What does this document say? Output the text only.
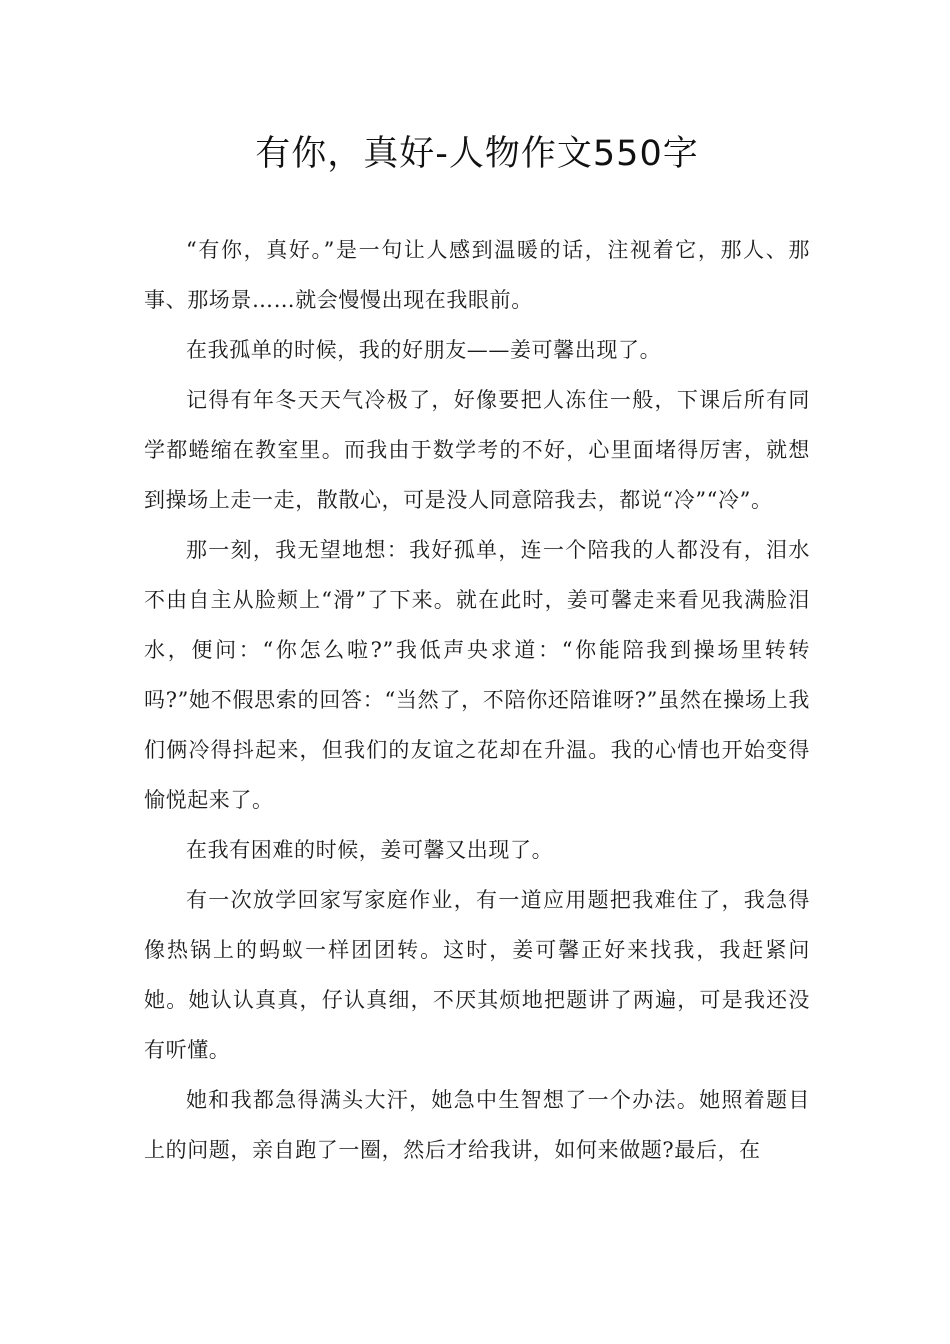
有你，真好-人物作文550字

“有你，真好。”是一句让人感到温暖的话，注视着它，那人、那事、那场景……就会慢慢出现在我眼前。

在我孤单的时候，我的好朋友——姜可馨出现了。

记得有年冬天天气冷极了，好像要把人冻住一般，下课后所有同学都蜷缩在教室里。而我由于数学考的不好，心里面堵得厉害，就想到操场上走一走，散散心，可是没人同意陪我去，都说“冷”“冷”。

那一刻，我无望地想：我好孤单，连一个陪我的人都没有，泪水不由自主从脸颊上“滑”了下来。就在此时，姜可馨走来看见我满脸泪水，便问：“你怎么啦?”我低声央求道：“你能陪我到操场里转转吗?”她不假思索的回答：“当然了，不陪你还陪谁呀?”虽然在操场上我们俩冷得抖起来，但我们的友谊之花却在升温。我的心情也开始变得愉悦起来了。

在我有困难的时候，姜可馨又出现了。

有一次放学回家写家庭作业，有一道应用题把我难住了，我急得像热锅上的蚂蚁一样团团转。这时，姜可馨正好来找我，我赶紧问她。她认认真真，仔认真细，不厌其烦地把题讲了两遍，可是我还没有听懂。

她和我都急得满头大汗，她急中生智想了一个办法。她照着题目上的问题，亲自跑了一圈，然后才给我讲，如何来做题?最后，在
